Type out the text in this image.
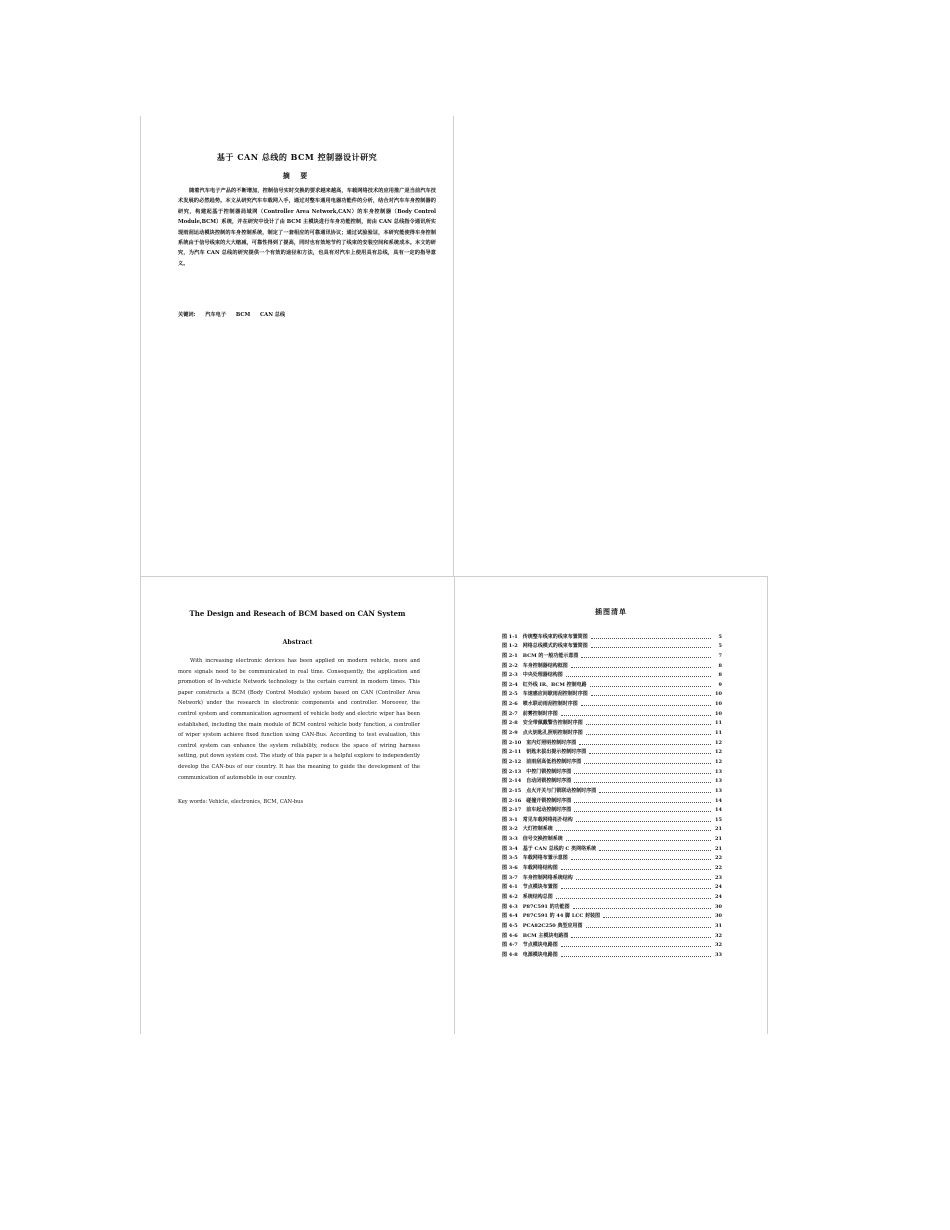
基于 CAN 总线的 BCM 控制器设计研究
摘 要
随着汽车电子产品的不断增加，控制信号实时交换的要求越来越高，车载网络技术的应用推广是当前汽车技术发展的必然趋势。本文从研究汽车车载网入手，通过对整车通用电器功能件的分析，结合对汽车车身控制器的研究，构建起基于控制器局域网（Controller Area Network,CAN）的车身控制器（Body Control Module,BCM）系统，并在研究中设计了由 BCM 主模块进行车身功能控制，而由 CAN 总线指令通讯所实现雨刮运动模块控制的车身控制系统，制定了一套相应的可靠通讯协议；通过试验验证，本研究能使得车身控制系统由于信号线束的大大缩减，可靠性得到了提高，同时也有效地节约了线束的安装空间和系统成本。本文的研究，为汽车 CAN 总线的研究提供一个有效的途径和方法，也具有对汽车上使用具有总线，具有一定的指导意义。
关键词: 汽车电子 BCM CAN 总线
The Design and Reseach of BCM based on CAN System
Abstract
With increasing electronic devices has been applied on modern vehicle, more and more signals need to be communicated in real time. Consequently, the application and promotion of In-vehicle Network technology is the certain current in modern times. This paper constructs a BCM (Body Control Module) system based on CAN (Controller Area Network) under the research in electronic components and controller. Moreover, the control system and communication agreement of vehicle body and electric wiper has been established, including the main module of BCM control vehicle body function, a controller of wiper system achieve fixed function using CAN-Bus. According to test evaluation, this control system can enhance the system reliability, reduce the space of wiring harness setting, put down system cost. The study of this paper is a helpful explore to independently develop the CAN-bus of our country. It has the meaning to guide the development of the communication of automobile in our country.
Key words: Vehicle, electronics, BCM, CAN-bus
插图清单
图 1-1 传统整车线束的线束布置简图	5
图 1-2 网络总线模式的线束布置简图	5
图 2-1 BCM 的一般功能示意图	7
图 2-2 车身控制器结构框图	8
图 2-3 中央处理器结构图	8
图 2-4 红外线 IR、BCM 控制电路	9
图 2-5 车速感应间歇雨刮控制时序图	10
图 2-6 喷水联动雨刮控制时序图	10
图 2-7 前雾控制时序图	10
图 2-8 安全带佩戴警告控制时序图	11
图 2-9 点火钥匙孔照明控制时序图	11
图 2-10 室内灯照明控制时序图	12
图 2-11 钥匙未拔出提示控制时序图	12
图 2-12 前雨刮高低档控制时序图	12
图 2-13 中控门锁控制时序图	13
图 2-14 自动闭锁控制时序图	13
图 2-15 点火开关与门锁联动控制时序图	13
图 2-16 碰撞开锁控制时序图	14
图 2-17 前车起动控制时序图	14
图 3-1 常见车载网络拓扑结构	15
图 3-2 大灯控制系统	21
图 3-3 信号交换控制系统	21
图 3-4 基于 CAN 总线的 C 类网络系统	21
图 3-5 车载网络布置示意图	22
图 3-6 车载网络结构图	22
图 3-7 车身控制网络系统结构	23
图 4-1 节点模块布置图	24
图 4-2 系统结构总图	24
图 4-3 P87C591 的功能图	30
图 4-4 P87C591 的 44 脚 LCC 封装图	30
图 4-5 PCA82C250 典型应用图	31
图 4-6 BCM 主模块电路图	32
图 4-7 节点模块电路图	32
图 4-8 电源模块电路图	33
